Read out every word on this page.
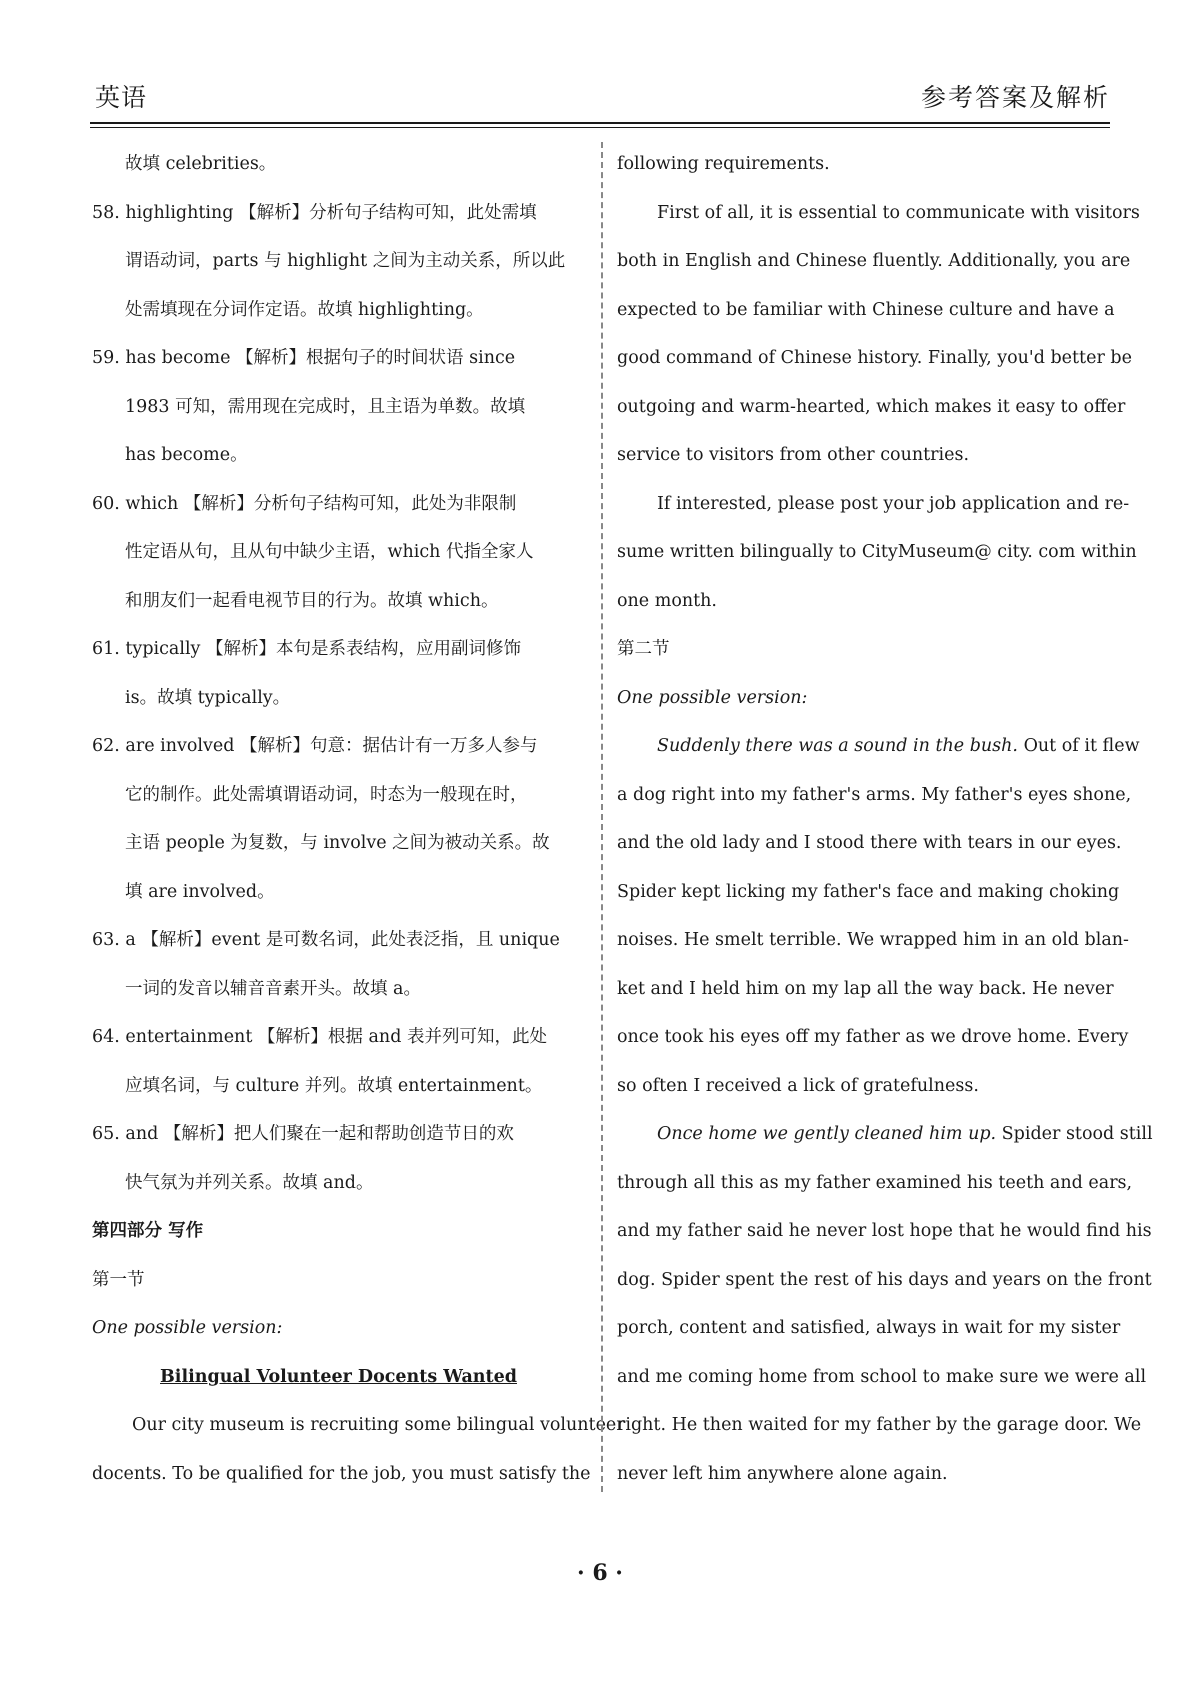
英语	参考答案及解析
故填 celebrities。
58. highlighting 【解析】分析句子结构可知，此处需填
谓语动词，parts 与 highlight 之间为主动关系，所以此
处需填现在分词作定语。故填 highlighting。
59. has become 【解析】根据句子的时间状语 since
1983 可知，需用现在完成时，且主语为单数。故填
has become。
60. which 【解析】分析句子结构可知，此处为非限制
性定语从句，且从句中缺少主语，which 代指全家人
和朋友们一起看电视节目的行为。故填 which。
61. typically 【解析】本句是系表结构，应用副词修饰
is。故填 typically。
62. are involved 【解析】句意：据估计有一万多人参与
它的制作。此处需填谓语动词，时态为一般现在时，
主语 people 为复数，与 involve 之间为被动关系。故
填 are involved。
63. a 【解析】event 是可数名词，此处表泛指，且 unique
一词的发音以辅音音素开头。故填 a。
64. entertainment 【解析】根据 and 表并列可知，此处
应填名词，与 culture 并列。故填 entertainment。
65. and 【解析】把人们聚在一起和帮助创造节日的欢
快气氛为并列关系。故填 and。
第四部分 写作
第一节
One possible version:
Bilingual Volunteer Docents Wanted
Our city museum is recruiting some bilingual volunteer
docents. To be qualified for the job, you must satisfy the
following requirements.
First of all, it is essential to communicate with visitors
both in English and Chinese fluently. Additionally, you are
expected to be familiar with Chinese culture and have a
good command of Chinese history. Finally, you'd better be
outgoing and warm-hearted, which makes it easy to offer
service to visitors from other countries.
If interested, please post your job application and re-
sume written bilingually to CityMuseum@ city. com within
one month.
第二节
One possible version:
Suddenly there was a sound in the bush. Out of it flew
a dog right into my father's arms. My father's eyes shone,
and the old lady and I stood there with tears in our eyes.
Spider kept licking my father's face and making choking
noises. He smelt terrible. We wrapped him in an old blan-
ket and I held him on my lap all the way back. He never
once took his eyes off my father as we drove home. Every
so often I received a lick of gratefulness.
Once home we gently cleaned him up. Spider stood still
through all this as my father examined his teeth and ears,
and my father said he never lost hope that he would find his
dog. Spider spent the rest of his days and years on the front
porch, content and satisfied, always in wait for my sister
and me coming home from school to make sure we were all
right. He then waited for my father by the garage door. We
never left him anywhere alone again.
· 6 ·
